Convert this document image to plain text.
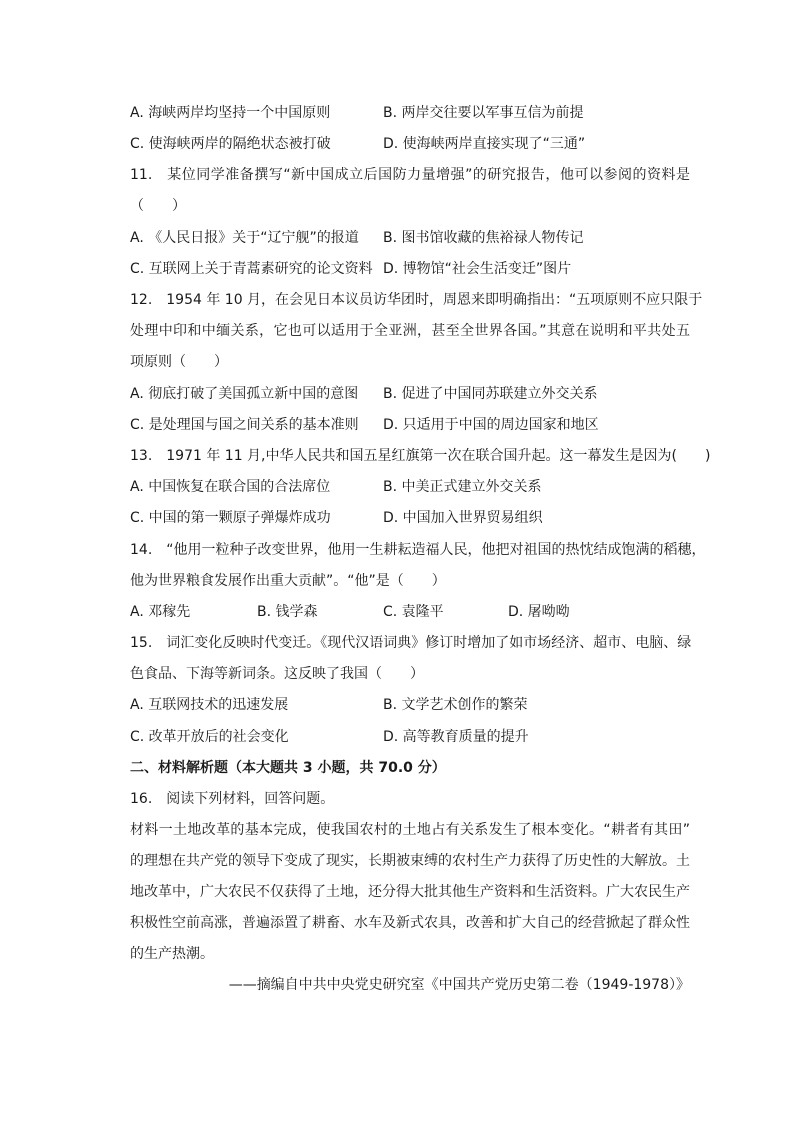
A. 海峡两岸均坚持一个中国原则	B. 两岸交往要以军事互信为前提
C. 使海峡两岸的隔绝状态被打破	D. 使海峡两岸直接实现了“三通”
11.　某位同学准备撰写“新中国成立后国防力量增强”的研究报告，他可以参阅的资料是
（　　）
A. 《人民日报》关于“辽宁舰”的报道 B. 图书馆收藏的焦裕禄人物传记
C. 互联网上关于青蒿素研究的论文资料 D. 博物馆“社会生活变迁”图片
12.　1954 年 10 月，在会见日本议员访华团时，周恩来即明确指出：“五项原则不应只限于
处理中印和中缅关系，它也可以适用于全亚洲，甚至全世界各国。”其意在说明和平共处五
项原则（　　）
A. 彻底打破了美国孤立新中国的意图 B. 促进了中国同苏联建立外交关系
C. 是处理国与国之间关系的基本准则 D. 只适用于中国的周边国家和地区
13.　1971 年 11 月,中华人民共和国五星红旗第一次在联合国升起。这一幕发生是因为(　　)
A. 中国恢复在联合国的合法席位	B. 中美正式建立外交关系
C. 中国的第一颗原子弹爆炸成功	D. 中国加入世界贸易组织
14.　“他用一粒种子改变世界，他用一生耕耘造福人民，他把对祖国的热忱结成饱满的稻穗，
他为世界粮食发展作出重大贡献”。“他”是（　　）
A. 邓稼先	B. 钱学森	C. 袁隆平	D. 屠呦呦
15.　词汇变化反映时代变迁。《现代汉语词典》修订时增加了如市场经济、超市、电脑、绿
色食品、下海等新词条。这反映了我国（　　）
A. 互联网技术的迅速发展	B. 文学艺术创作的繁荣
C. 改革开放后的社会变化	D. 高等教育质量的提升
二、材料解析题（本大题共 3 小题，共 70.0 分）
16.　阅读下列材料，回答问题。
材料一土地改革的基本完成，使我国农村的土地占有关系发生了根本变化。“耕者有其田”
的理想在共产党的领导下变成了现实，长期被束缚的农村生产力获得了历史性的大解放。土
地改革中，广大农民不仅获得了土地，还分得大批其他生产资料和生活资料。广大农民生产
积极性空前高涨，普遍添置了耕畜、水车及新式农具，改善和扩大自己的经营掀起了群众性
的生产热潮。
——摘编自中共中央党史研究室《中国共产党历史第二卷（1949-1978）》
